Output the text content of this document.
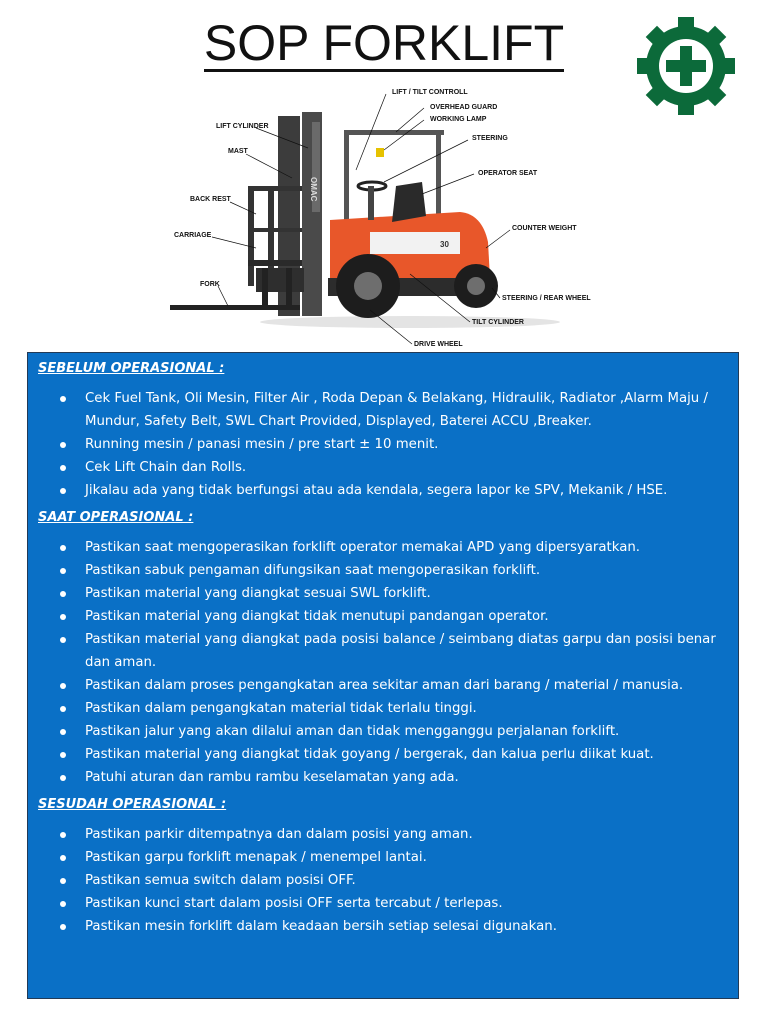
SOP FORKLIFT
OMAC
30
LIFT / TILT CONTROLL
OVERHEAD GUARD
WORKING LAMP
LIFT CYLINDER
STEERING
MAST
OPERATOR SEAT
BACK REST
COUNTER WEIGHT
CARRIAGE
FORK
STEERING / REAR WHEEL
TILT CYLINDER
DRIVE WHEEL

SEBELUM OPERASIONAL :

Cek Fuel Tank, Oli Mesin, Filter Air , Roda Depan & Belakang, Hidraulik, Radiator ,Alarm Maju / Mundur, Safety Belt, SWL Chart Provided, Displayed, Baterei ACCU ,Breaker.
Running mesin / panasi mesin / pre start ± 10 menit.
Cek Lift Chain dan Rolls.
Jikalau ada yang tidak berfungsi atau ada kendala, segera lapor ke SPV, Mekanik / HSE.

SAAT OPERASIONAL :

Pastikan saat mengoperasikan forklift operator memakai APD yang dipersyaratkan.
Pastikan sabuk pengaman difungsikan saat mengoperasikan forklift.
Pastikan material yang diangkat sesuai SWL forklift.
Pastikan material yang diangkat tidak menutupi pandangan operator.
Pastikan material yang diangkat pada posisi balance / seimbang diatas garpu dan posisi benar dan aman.
Pastikan dalam proses pengangkatan area sekitar aman dari barang / material / manusia.
Pastikan dalam pengangkatan material tidak terlalu tinggi.
Pastikan jalur yang akan dilalui aman dan tidak mengganggu perjalanan forklift.
Pastikan material yang diangkat tidak goyang / bergerak, dan kalua perlu diikat kuat.
Patuhi aturan dan rambu rambu keselamatan yang ada.

SESUDAH OPERASIONAL :

Pastikan parkir ditempatnya dan dalam posisi yang aman.
Pastikan garpu forklift menapak / menempel lantai.
Pastikan semua switch dalam posisi OFF.
Pastikan kunci start dalam posisi OFF serta tercabut / terlepas.
Pastikan mesin forklift dalam keadaan bersih setiap selesai digunakan.
